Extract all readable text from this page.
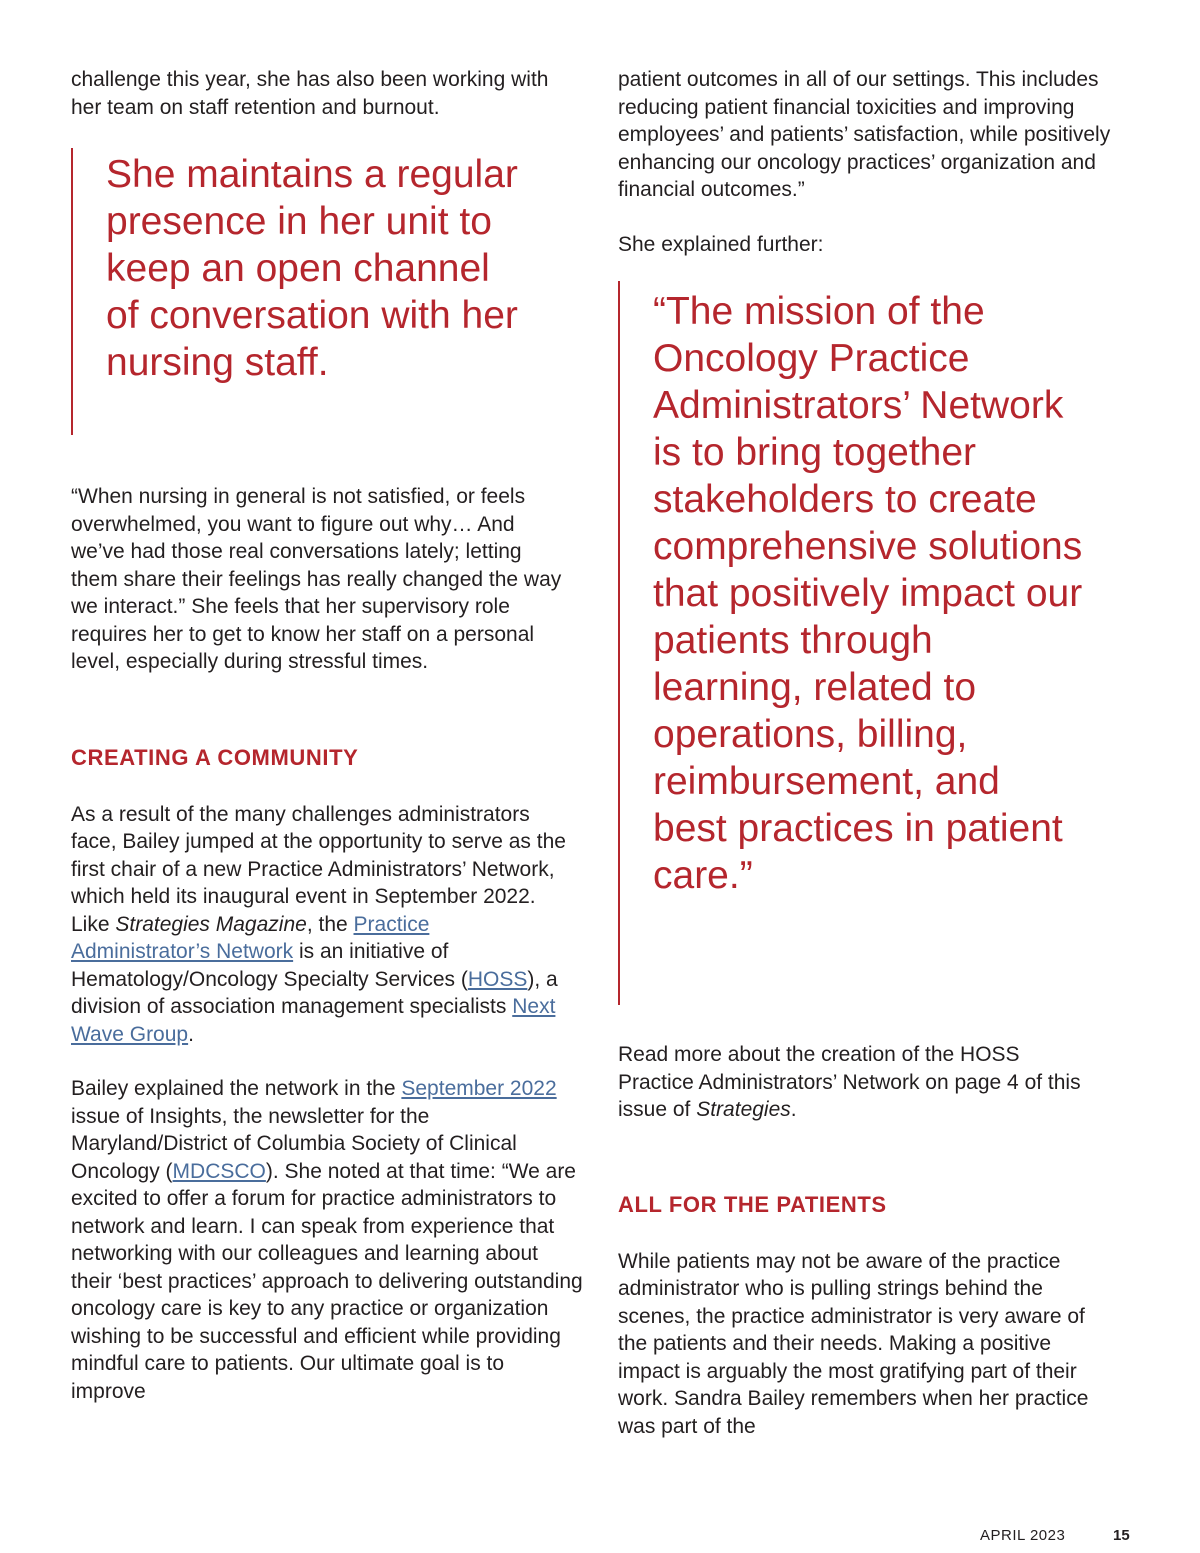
challenge this year, she has also been working with her team on staff retention and burnout.

She maintains a regular presence in her unit to keep an open channel of conversation with her nursing staff.

“When nursing in general is not satisfied, or feels overwhelmed, you want to figure out why… And we’ve had those real conversations lately; letting them share their feelings has really changed the way we interact.” She feels that her supervisory role requires her to get to know her staff on a personal level, especially during stressful times.

CREATING A COMMUNITY

As a result of the many challenges administrators face, Bailey jumped at the opportunity to serve as the first chair of a new Practice Administrators’ Network, which held its inaugural event in September 2022. Like Strategies Magazine, the Practice Administrator’s Network is an initiative of Hematology/Oncology Specialty Services (HOSS), a division of association management specialists Next Wave Group.

Bailey explained the network in the September 2022 issue of Insights, the newsletter for the Maryland/District of Columbia Society of Clinical Oncology (MDCSCO). She noted at that time: “We are excited to offer a forum for practice administrators to network and learn. I can speak from experience that networking with our colleagues and learning about their ‘best practices’ approach to delivering outstanding oncology care is key to any practice or organization wishing to be successful and efficient while providing mindful care to patients. Our ultimate goal is to improve

patient outcomes in all of our settings. This includes reducing patient financial toxicities and improving employees’ and patients’ satisfaction, while positively enhancing our oncology practices’ organization and financial outcomes.”

She explained further:

“The mission of the Oncology Practice Administrators’ Network is to bring together stakeholders to create comprehensive solutions that positively impact our patients through learning, related to operations, billing, reimbursement, and best practices in patient care.”

Read more about the creation of the HOSS Practice Administrators’ Network on page 4 of this issue of Strategies.

ALL FOR THE PATIENTS

While patients may not be aware of the practice administrator who is pulling strings behind the scenes, the practice administrator is very aware of the patients and their needs. Making a positive impact is arguably the most gratifying part of their work. Sandra Bailey remembers when her practice was part of the

APRIL 2023	15
